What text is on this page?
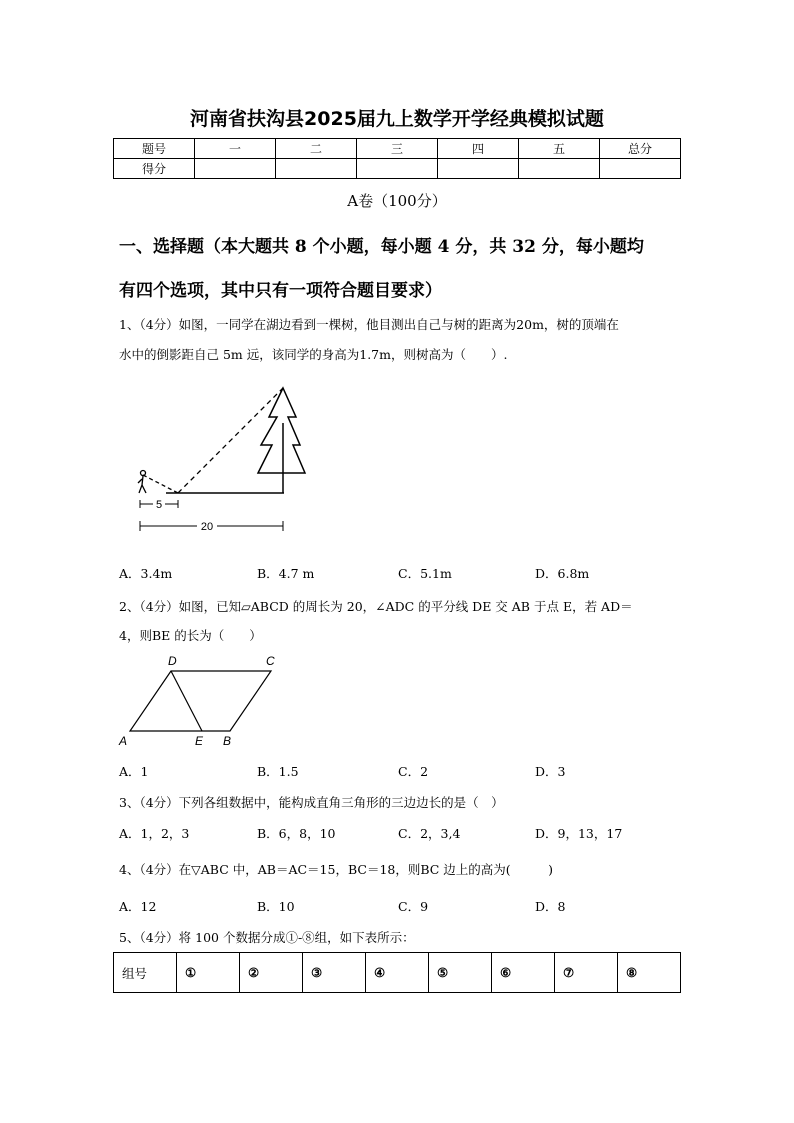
河南省扶沟县2025届九上数学开学经典模拟试题
题号	一	二	三	四	五	总分
得分						
A卷（100分）
一、选择题（本大题共 8 个小题，每小题 4 分，共 32 分，每小题均
有四个选项，其中只有一项符合题目要求）
1、（4分）如图，一同学在湖边看到一棵树，他目测出自己与树的距离为20m，树的顶端在
水中的倒影距自己 5m 远，该同学的身高为1.7m，则树高为（　　）.
5
20
A．3.4m	B．4.7 m	C．5.1m	D．6.8m
2、（4分）如图，已知▱ABCD 的周长为 20，∠ADC 的平分线 DE 交 AB 于点 E，若 AD＝
4，则BE 的长为（　　）
D	C
A	E B
A．1	B．1.5	C．2	D．3
3、（4分）下列各组数据中，能构成直角三角形的三边边长的是（　）
A．1，2，3	B．6，8，10	C．2，3,4	D．9，13，17
4、（4分）在▽ABC 中，AB＝AC＝15，BC＝18，则BC 边上的高为(　　　)
A．12	B．10	C．9	D．8
5、（4分）将 100 个数据分成①-⑧组，如下表所示：
组号	①	②	③	④	⑤	⑥	⑦	⑧
